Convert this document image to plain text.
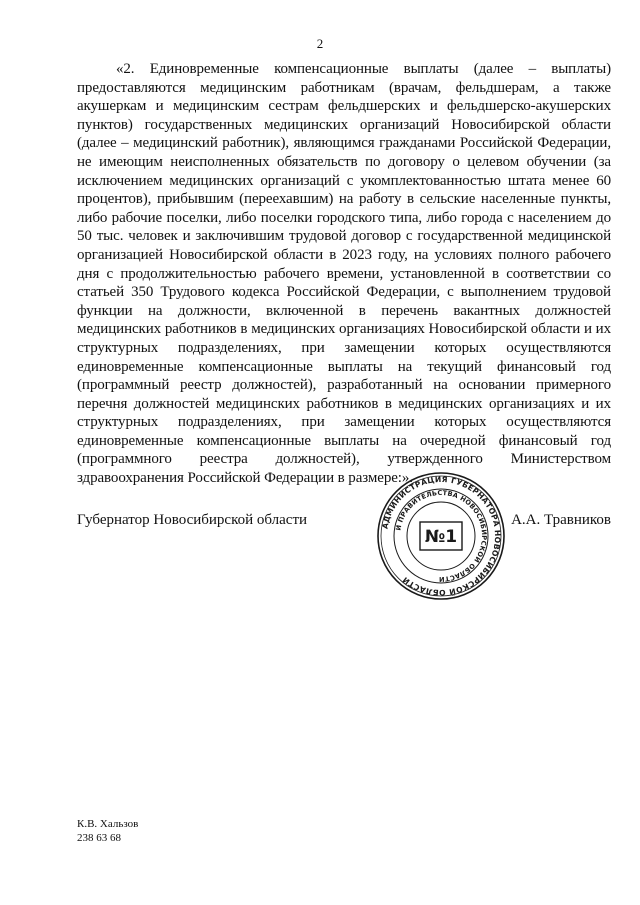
2

«2. Единовременные компенсационные выплаты (далее – выплаты) предоставляются медицинским работникам (врачам, фельдшерам, а также акушеркам и медицинским сестрам фельдшерских и фельдшерско-акушерских пунктов) государственных медицинских организаций Новосибирской области (далее – медицинский работник), являющимся гражданами Российской Федерации, не имеющим неисполненных обязательств по договору о целевом обучении (за исключением медицинских организаций с укомплектованностью штата менее 60 процентов), прибывшим (переехавшим) на работу в сельские населенные пункты, либо рабочие поселки, либо поселки городского типа, либо города с населением до 50 тыс. человек и заключившим трудовой договор с государственной медицинской организацией Новосибирской области в 2023 году, на условиях полного рабочего дня с продолжительностью рабочего времени, установленной в соответствии со статьей 350 Трудового кодекса Российской Федерации, с выполнением трудовой функции на должности, включенной в перечень вакантных должностей медицинских работников в медицинских организациях Новосибирской области и их структурных подразделениях, при замещении которых осуществляются единовременные компенсационные выплаты на текущий финансовый год (программный реестр должностей), разработанный на основании примерного перечня должностей медицинских работников в медицинских организациях и их структурных подразделениях, при замещении которых осуществляются единовременные компенсационные выплаты на очередной финансовый год (программного реестра должностей), утвержденного Министерством здравоохранения Российской Федерации в размере:».

Губернатор Новосибирской области	АДМИНИСТРАЦИЯ ГУБЕРНАТОРА НОВОСИБИРСКОЙ ОБЛАСТИ
И ПРАВИТЕЛЬСТВА НОВОСИБИРСКОЙ ОБЛАСТИ
№1
А.А. Травников
К.В. Хальзов
238 63 68
